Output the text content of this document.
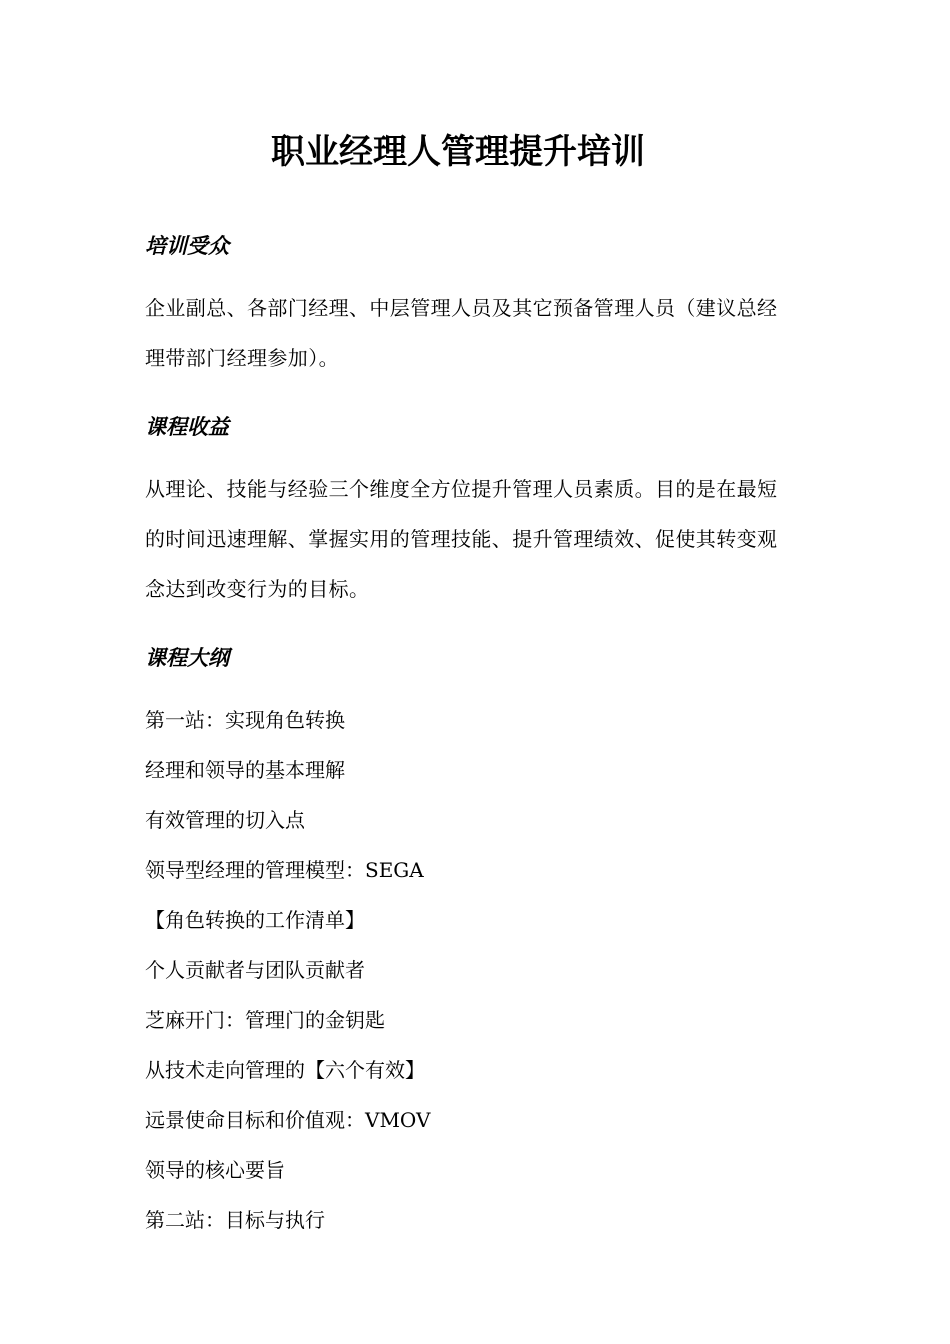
职业经理人管理提升培训
培训受众

企业副总、各部门经理、中层管理人员及其它预备管理人员（建议总经理带部门经理参加）。

课程收益

从理论、技能与经验三个维度全方位提升管理人员素质。目的是在最短的时间迅速理解、掌握实用的管理技能、提升管理绩效、促使其转变观念达到改变行为的目标。

课程大纲
第一站：实现角色转换
经理和领导的基本理解
有效管理的切入点
领导型经理的管理模型：SEGA
【角色转换的工作清单】
个人贡献者与团队贡献者
芝麻开门：管理门的金钥匙
从技术走向管理的【六个有效】
远景使命目标和价值观：VMOV
领导的核心要旨
第二站：目标与执行
